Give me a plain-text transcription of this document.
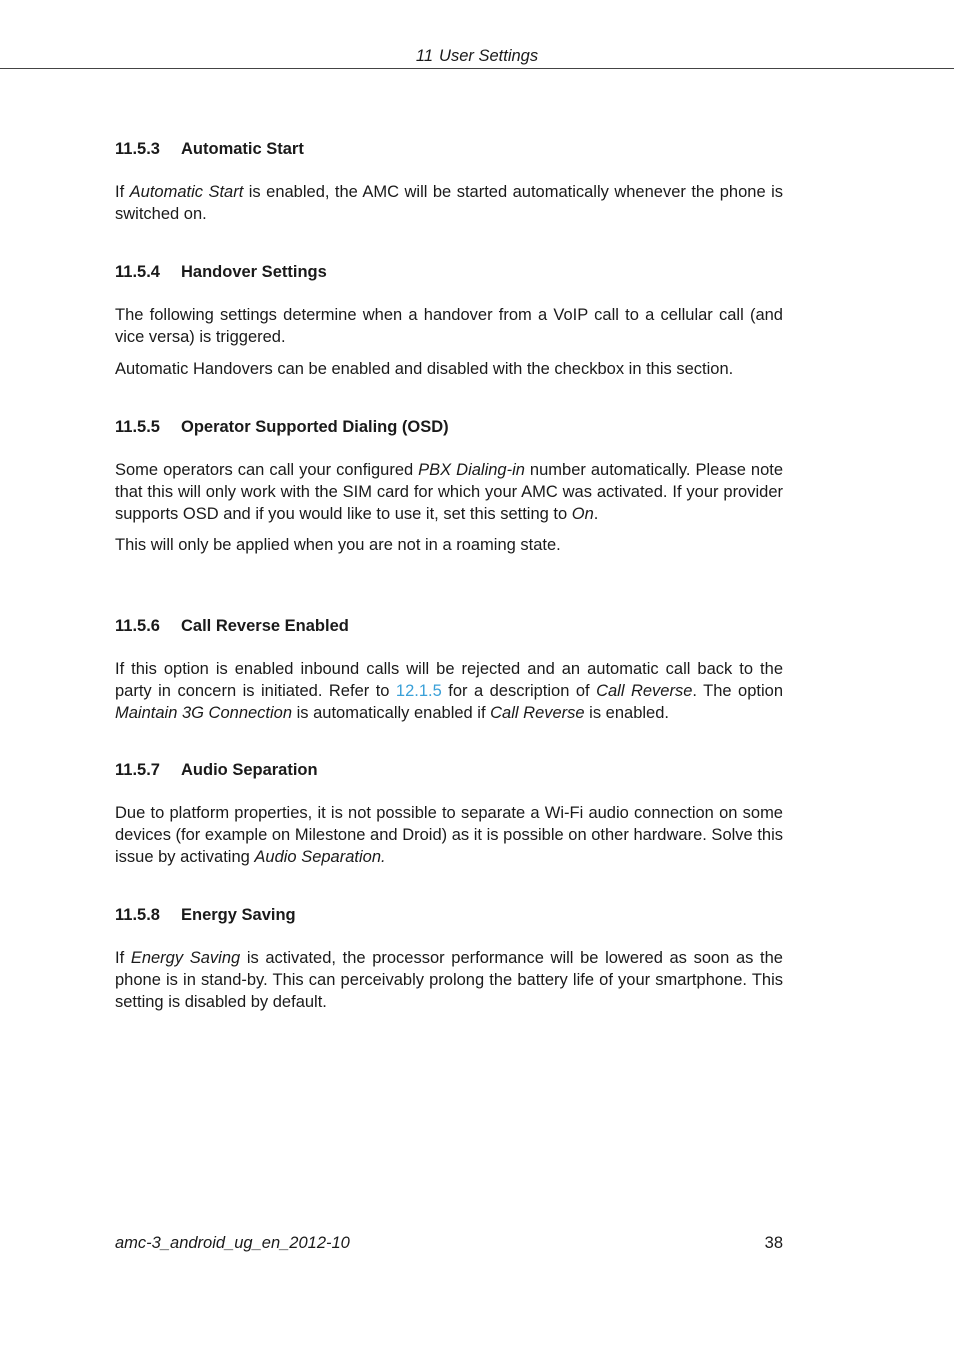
11 User Settings
11.5.3 Automatic Start

If Automatic Start is enabled, the AMC will be started automatically whenever the phone is switched on.

11.5.4 Handover Settings

The following settings determine when a handover from a VoIP call to a cellular call (and vice versa) is triggered.

Automatic Handovers can be enabled and disabled with the checkbox in this section.

11.5.5 Operator Supported Dialing (OSD)

Some operators can call your configured PBX Dialing-in number automatically. Please note that this will only work with the SIM card for which your AMC was activated. If your provider supports OSD and if you would like to use it, set this setting to On.

This will only be applied when you are not in a roaming state.

11.5.6 Call Reverse Enabled

If this option is enabled inbound calls will be rejected and an automatic call back to the party in concern is initiated. Refer to 12.1.5 for a description of Call Reverse. The option Maintain 3G Connection is automatically enabled if Call Reverse is enabled.

11.5.7 Audio Separation

Due to platform properties, it is not possible to separate a Wi-Fi audio connection on some devices (for example on Milestone and Droid) as it is possible on other hardware. Solve this issue by activating Audio Separation.

11.5.8 Energy Saving

If Energy Saving is activated, the processor performance will be lowered as soon as the phone is in stand-by. This can perceivably prolong the battery life of your smartphone. This setting is disabled by default.

amc-3_android_ug_en_2012-10	38
